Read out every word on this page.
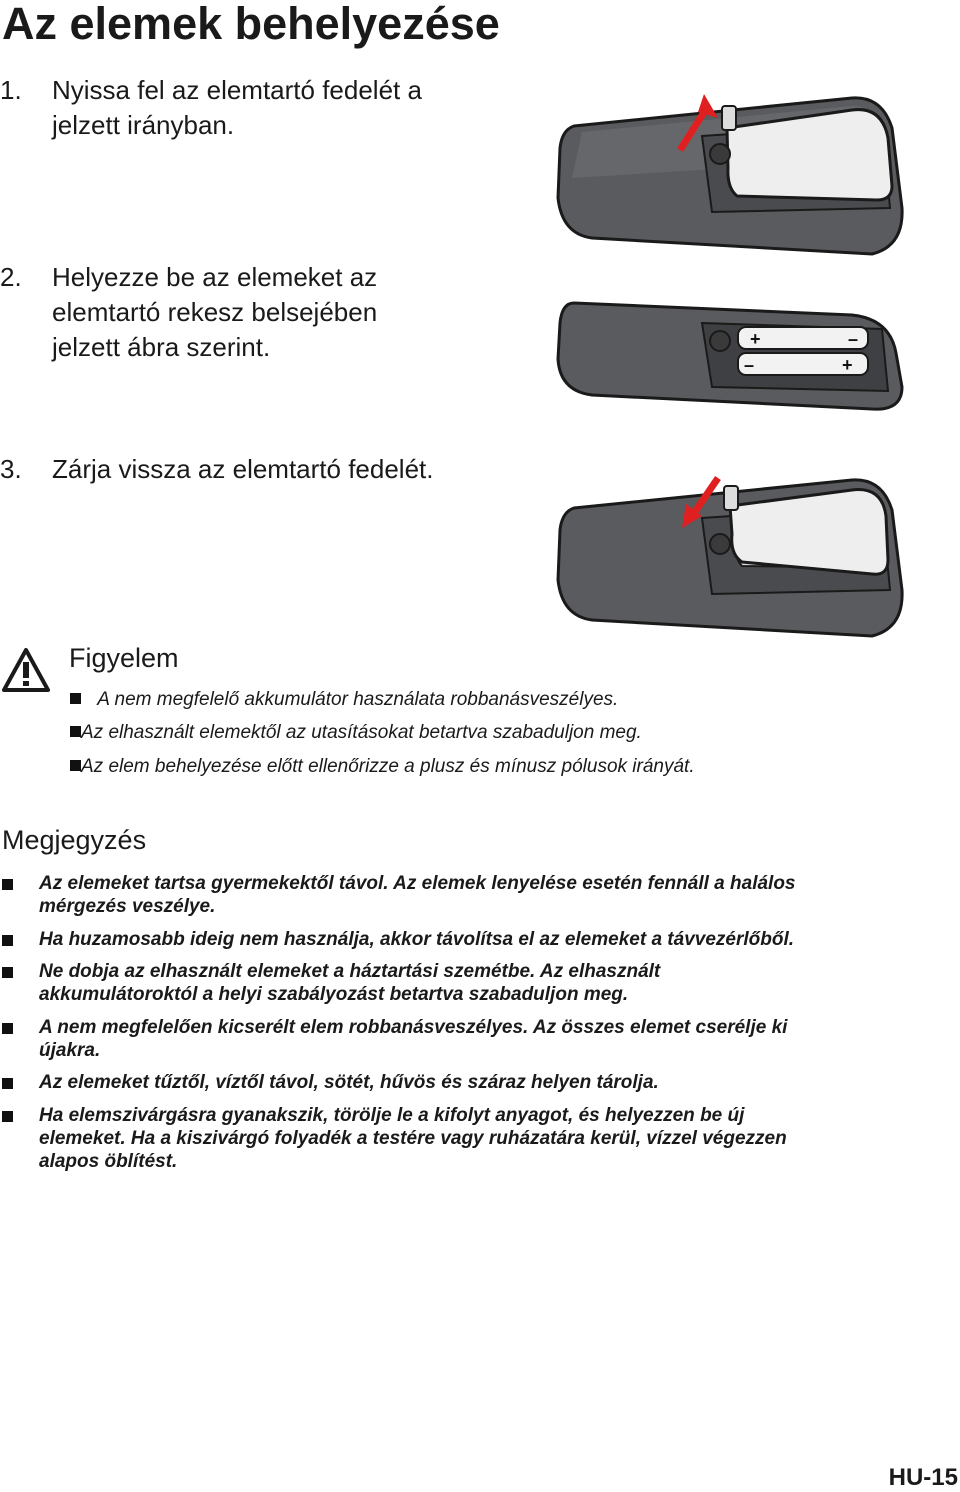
Az elemek behelyezése
1.	Nyissa fel az elemtartó fedelét a
jelzett irányban.
2.	Helyezze be az elemeket az
elemtartó rekesz belsejében
jelzett ábra szerint.
3.	Zárja vissza az elemtartó fedelét.
+	–
–	+
Figyelem
A nem megfelelő akkumulátor használata robbanásveszélyes.
Az elhasznált elemektől az utasításokat betartva szabaduljon meg.
Az elem behelyezése előtt ellenőrizze a plusz és mínusz pólusok irányát.
Megjegyzés
Az elemeket tartsa gyermekektől távol. Az elemek lenyelése esetén fennáll a halálos
mérgezés veszélye.
Ha huzamosabb ideig nem használja, akkor távolítsa el az elemeket a távvezérlőből.
Ne dobja az elhasznált elemeket a háztartási szemétbe. Az elhasznált
akkumulátoroktól a helyi szabályozást betartva szabaduljon meg.
A nem megfelelően kicserélt elem robbanásveszélyes. Az összes elemet cserélje ki
újakra.
Az elemeket tűztől, víztől távol, sötét, hűvös és száraz helyen tárolja.
Ha elemszivárgásra gyanakszik, törölje le a kifolyt anyagot, és helyezzen be új
elemeket. Ha a kiszivárgó folyadék a testére vagy ruházatára kerül, vízzel végezzen
alapos öblítést.
HU-15
